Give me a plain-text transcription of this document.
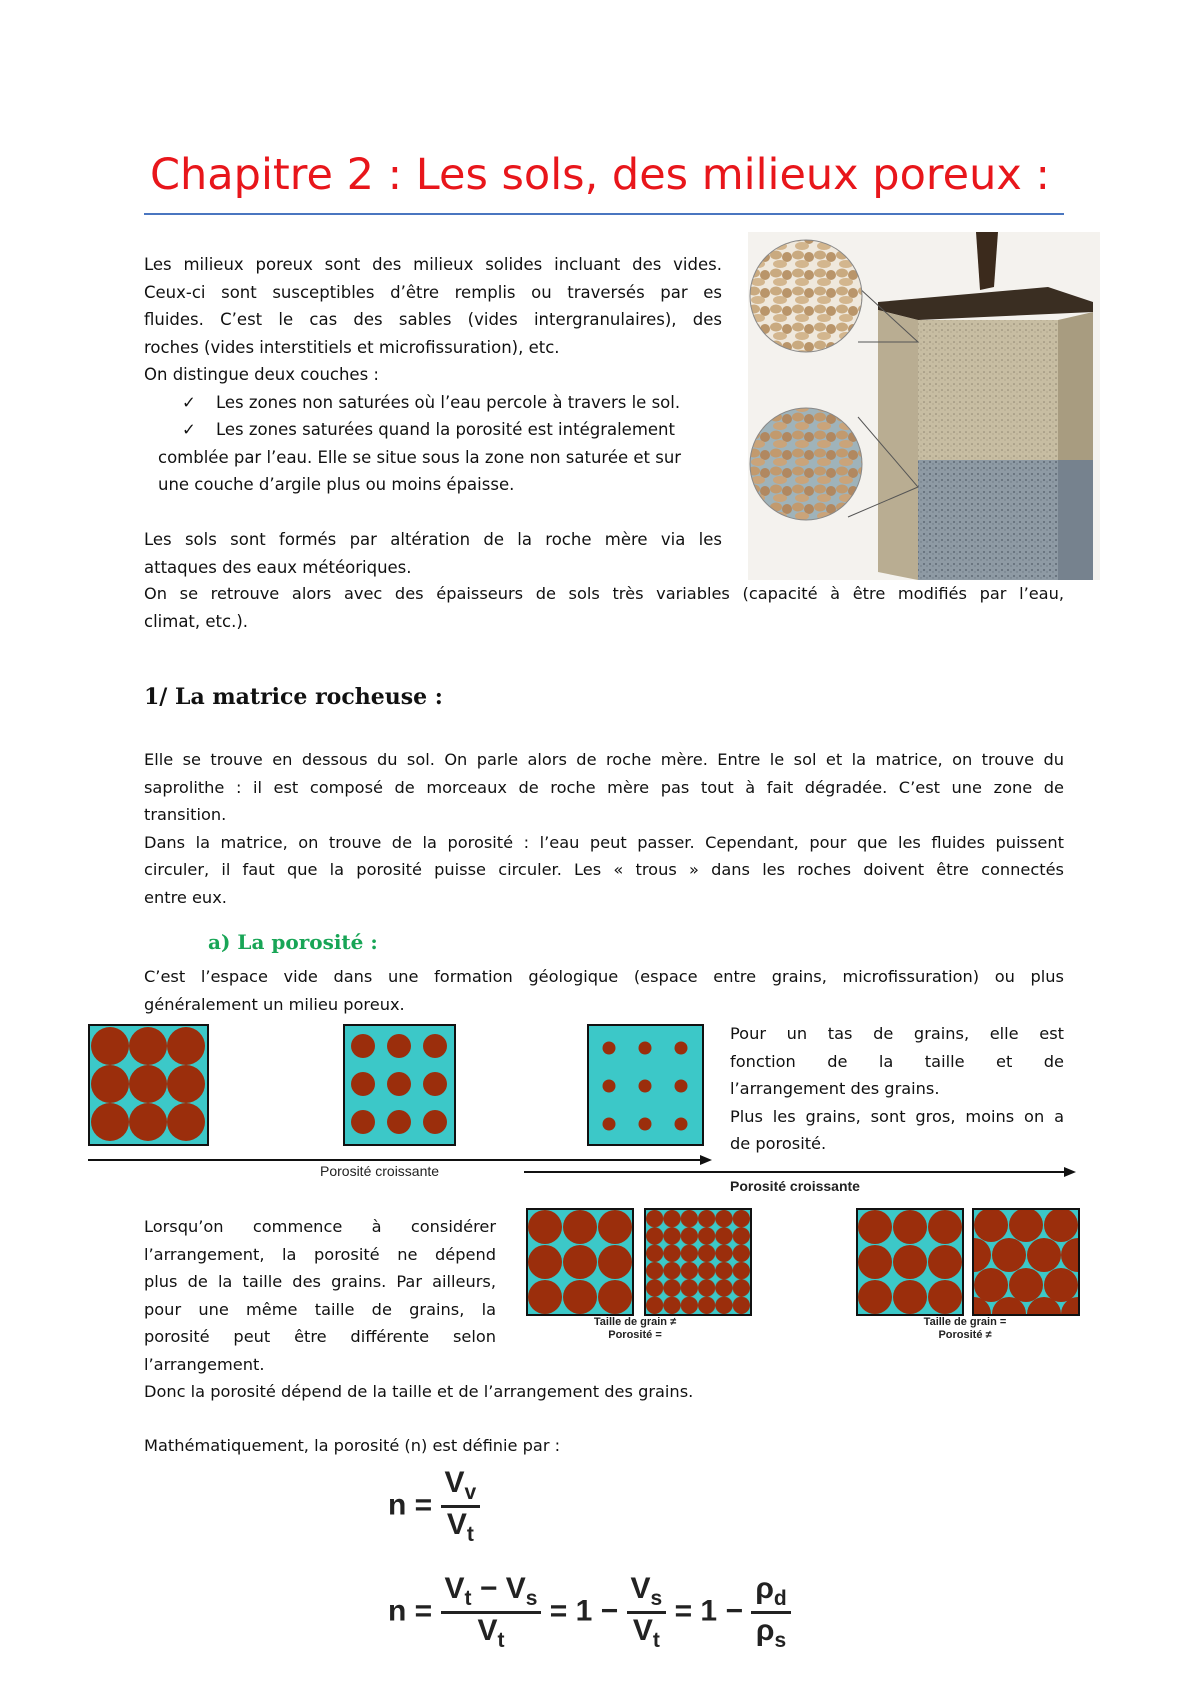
Chapitre 2 : Les sols, des milieux poreux :
Les milieux poreux sont des milieux solides incluant des vides.
Ceux-ci sont susceptibles d’être remplis ou traversés par es
fluides. C’est le cas des sables (vides intergranulaires), des
roches (vides interstitiels et microfissuration), etc.
On distingue deux couches :
✓ Les zones non saturées où l’eau percole à travers le sol.
✓ Les zones saturées quand la porosité est intégralement
comblée par l’eau. Elle se situe sous la zone non saturée et sur
une couche d’argile plus ou moins épaisse.
Les sols sont formés par altération de la roche mère via les
attaques des eaux météoriques.
On se retrouve alors avec des épaisseurs de sols très variables (capacité à être modifiés par l’eau,
climat, etc.).
1/ La matrice rocheuse :
Elle se trouve en dessous du sol. On parle alors de roche mère. Entre le sol et la matrice, on trouve du
saprolithe : il est composé de morceaux de roche mère pas tout à fait dégradée. C’est une zone de
transition.
Dans la matrice, on trouve de la porosité : l’eau peut passer. Cependant, pour que les fluides puissent
circuler, il faut que la porosité puisse circuler. Les « trous » dans les roches doivent être connectés
entre eux.
a) La porosité :
C’est l’espace vide dans une formation géologique (espace entre grains, microfissuration) ou plus
généralement un milieu poreux.
Porosité croissante
Pour un tas de grains, elle est
fonction de la taille et de
l’arrangement des grains.
Plus les grains, sont gros, moins on a
de porosité.
Porosité croissante
Taille de grain ≠
Porosité =
Taille de grain =
Porosité ≠
Lorsqu’on commence à considérer
l’arrangement, la porosité ne dépend
plus de la taille des grains. Par ailleurs,
pour une même taille de grains, la
porosité peut être différente selon
l’arrangement.
Donc la porosité dépend de la taille et de l’arrangement des grains.
Mathématiquement, la porosité (n) est définie par :
$n = \frac{V_v}{V_t}$
$n = \frac{V_t - V_s}{V_t} = 1 - \frac{V_s}{V_t} = 1 - \frac{\rho_d}{\rho_s}$
